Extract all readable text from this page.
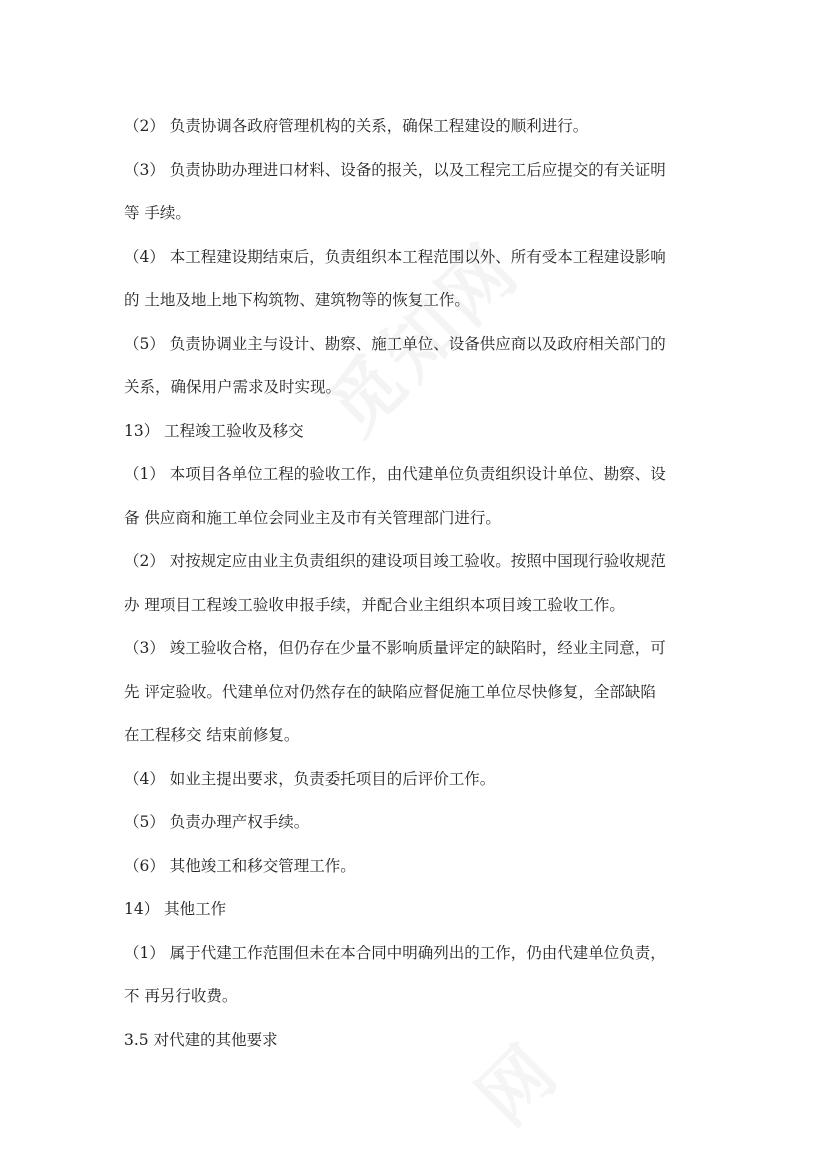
（2） 负责协调各政府管理机构的关系，确保工程建设的顺利进行。
（3） 负责协助办理进口材料、设备的报关，以及工程完工后应提交的有关证明
等 手续。
（4） 本工程建设期结束后，负责组织本工程范围以外、所有受本工程建设影响
的 土地及地上地下构筑物、建筑物等的恢复工作。
（5） 负责协调业主与设计、勘察、施工单位、设备供应商以及政府相关部门的
关系，确保用户需求及时实现。
13） 工程竣工验收及移交
（1） 本项目各单位工程的验收工作，由代建单位负责组织设计单位、勘察、设
备 供应商和施工单位会同业主及市有关管理部门进行。
（2） 对按规定应由业主负责组织的建设项目竣工验收。按照中国现行验收规范
办 理项目工程竣工验收申报手续，并配合业主组织本项目竣工验收工作。
（3） 竣工验收合格，但仍存在少量不影响质量评定的缺陷时，经业主同意，可
先 评定验收。代建单位对仍然存在的缺陷应督促施工单位尽快修复，全部缺陷
在工程移交 结束前修复。
（4） 如业主提出要求，负责委托项目的后评价工作。
（5） 负责办理产权手续。
（6） 其他竣工和移交管理工作。
14） 其他工作
（1） 属于代建工作范围但未在本合同中明确列出的工作，仍由代建单位负责，
不 再另行收费。
3.5 对代建的其他要求
